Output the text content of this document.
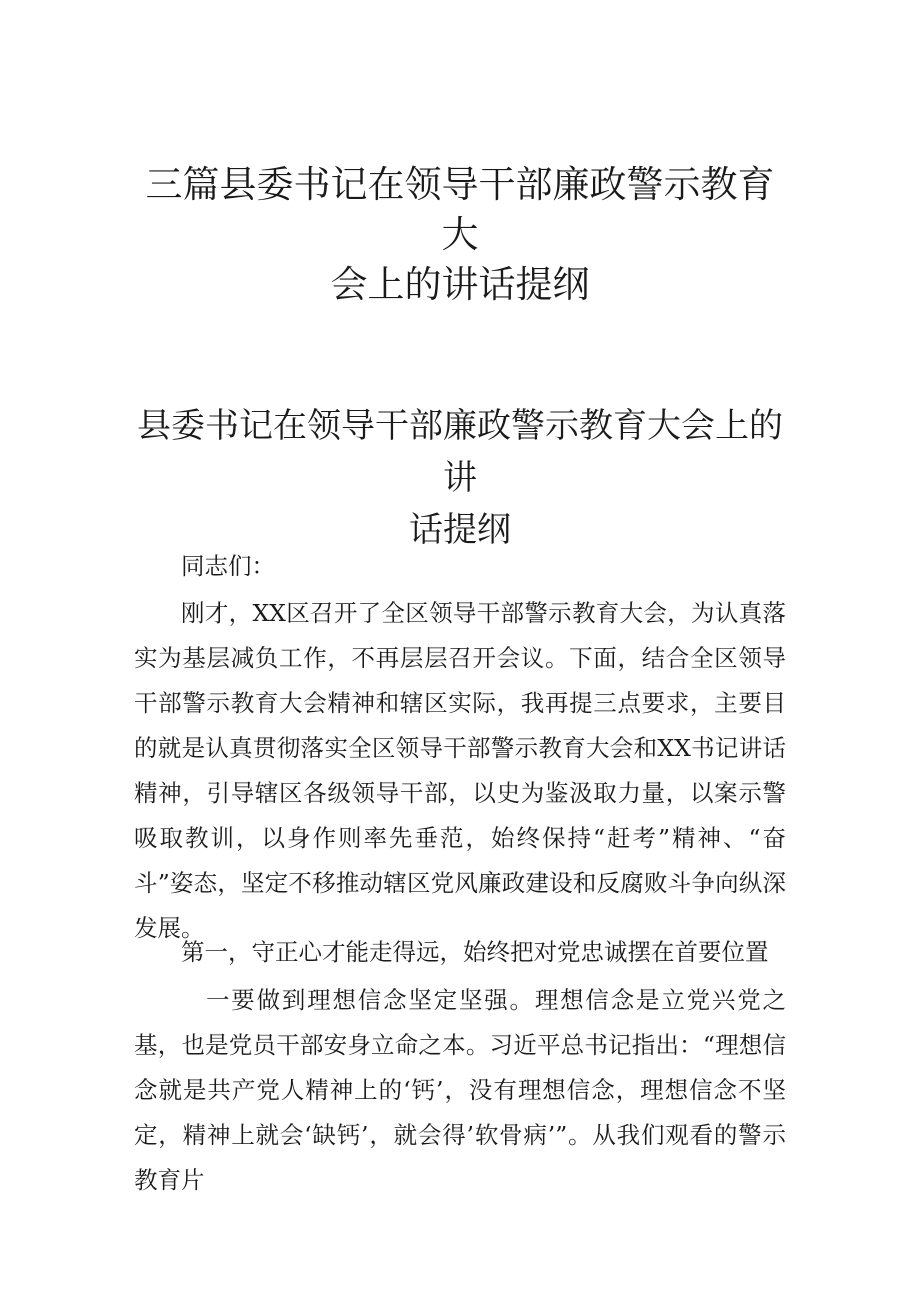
三篇县委书记在领导干部廉政警示教育大
会上的讲话提纲
县委书记在领导干部廉政警示教育大会上的讲
话提纲

同志们：

刚才，XX区召开了全区领导干部警示教育大会，为认真落实为基层减负工作，不再层层召开会议。下面，结合全区领导干部警示教育大会精神和辖区实际，我再提三点要求，主要目的就是认真贯彻落实全区领导干部警示教育大会和XX书记讲话精神，引导辖区各级领导干部，以史为鉴汲取力量，以案示警吸取教训，以身作则率先垂范，始终保持“赶考”精神、“奋斗”姿态，坚定不移推动辖区党风廉政建设和反腐败斗争向纵深发展。

第一，守正心才能走得远，始终把对党忠诚摆在首要位置

一要做到理想信念坚定坚强。理想信念是立党兴党之基，也是党员干部安身立命之本。习近平总书记指出：“理想信念就是共产党人精神上的‘钙’，没有理想信念，理想信念不坚定，精神上就会‘缺钙’，就会得’软骨病’”。从我们观看的警示教育片
